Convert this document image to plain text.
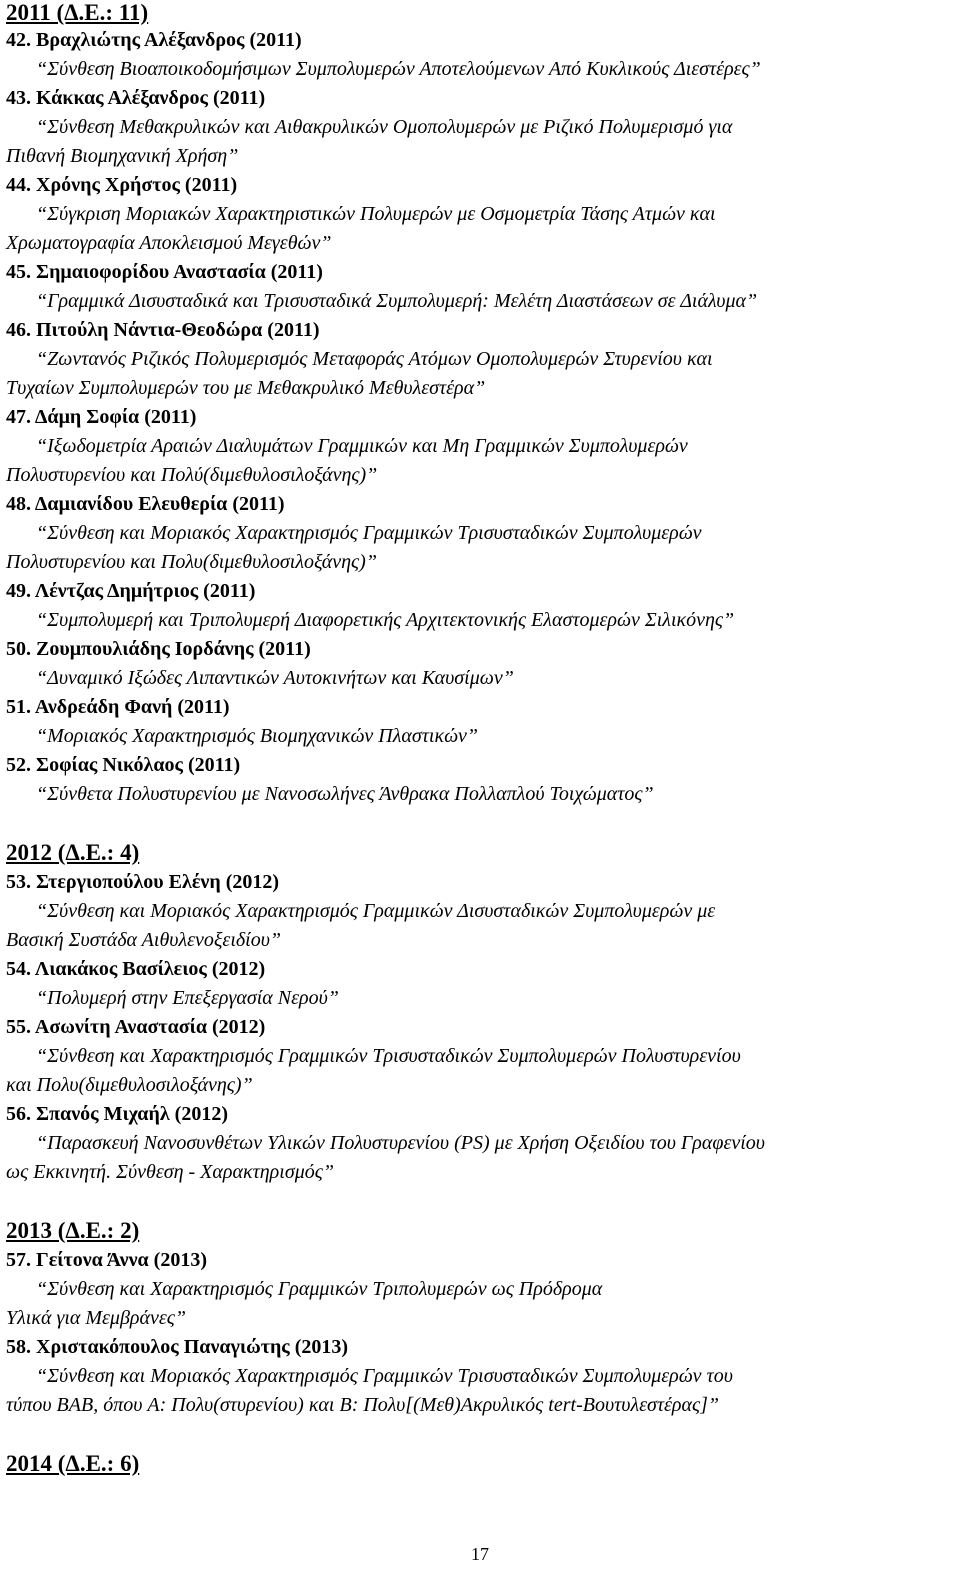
2011 (Δ.Ε.: 11)
42. Βραχλιώτης Αλέξανδρος (2011)
“Σύνθεση Βιοαποικοδομήσιμων Συμπολυμερών Αποτελούμενων Από Κυκλικούς Διεστέρες”
43. Κάκκας Αλέξανδρος (2011)
“Σύνθεση Μεθακρυλικών και Αιθακρυλικών Ομοπολυμερών με Ριζικό Πολυμερισμό για
Πιθανή Βιομηχανική Χρήση”
44. Χρόνης Χρήστος (2011)
“Σύγκριση Μοριακών Χαρακτηριστικών Πολυμερών με Οσμομετρία Τάσης Ατμών και
Χρωματογραφία Αποκλεισμού Μεγεθών”
45. Σημαιοφορίδου Αναστασία (2011)
“Γραμμικά Δισυσταδικά και Τρισυσταδικά Συμπολυμερή: Μελέτη Διαστάσεων σε Διάλυμα”
46. Πιτούλη Νάντια-Θεοδώρα (2011)
“Ζωντανός Ριζικός Πολυμερισμός Μεταφοράς Ατόμων Ομοπολυμερών Στυρενίου και
Τυχαίων Συμπολυμερών του με Μεθακρυλικό Μεθυλεστέρα”
47. Δάμη Σοφία (2011)
“Ιξωδομετρία Αραιών Διαλυμάτων Γραμμικών και Μη Γραμμικών Συμπολυμερών
Πολυστυρενίου και Πολύ(διμεθυλοσιλοξάνης)”
48. Δαμιανίδου Ελευθερία (2011)
“Σύνθεση και Μοριακός Χαρακτηρισμός Γραμμικών Τρισυσταδικών Συμπολυμερών
Πολυστυρενίου και Πολυ(διμεθυλοσιλοξάνης)”
49. Λέντζας Δημήτριος (2011)
“Συμπολυμερή και Τριπολυμερή Διαφορετικής Αρχιτεκτονικής Ελαστομερών Σιλικόνης”
50. Ζουμπουλιάδης Ιορδάνης (2011)
“Δυναμικό Ιξώδες Λιπαντικών Αυτοκινήτων και Καυσίμων”
51. Ανδρεάδη Φανή (2011)
“Μοριακός Χαρακτηρισμός Βιομηχανικών Πλαστικών”
52. Σοφίας Νικόλαος (2011)
“Σύνθετα Πολυστυρενίου με Νανοσωλήνες Άνθρακα Πολλαπλού Τοιχώματος”
2012 (Δ.Ε.: 4)
53. Στεργιοπούλου Ελένη (2012)
“Σύνθεση και Μοριακός Χαρακτηρισμός Γραμμικών Δισυσταδικών Συμπολυμερών με
Βασική Συστάδα Αιθυλενοξειδίου”
54. Λιακάκος Βασίλειος (2012)
“Πολυμερή στην Επεξεργασία Νερού”
55. Ασωνίτη Αναστασία (2012)
“Σύνθεση και Χαρακτηρισμός Γραμμικών Τρισυσταδικών Συμπολυμερών Πολυστυρενίου
και Πολυ(διμεθυλοσιλοξάνης)”
56. Σπανός Μιχαήλ (2012)
“Παρασκευή Νανοσυνθέτων Υλικών Πολυστυρενίου (PS) με Χρήση Οξειδίου του Γραφενίου
ως Εκκινητή. Σύνθεση - Χαρακτηρισμός”
2013 (Δ.Ε.: 2)
57. Γείτονα Άννα (2013)
“Σύνθεση και Χαρακτηρισμός Γραμμικών Τριπολυμερών ως Πρόδρομα
Υλικά για Μεμβράνες”
58. Χριστακόπουλος Παναγιώτης (2013)
“Σύνθεση και Μοριακός Χαρακτηρισμός Γραμμικών Τρισυσταδικών Συμπολυμερών του
τύπου BAB, όπου A: Πολυ(στυρενίου) και B: Πολυ[(Μεθ)Ακρυλικός tert-Βουτυλεστέρας]”
2014 (Δ.Ε.: 6)
17
